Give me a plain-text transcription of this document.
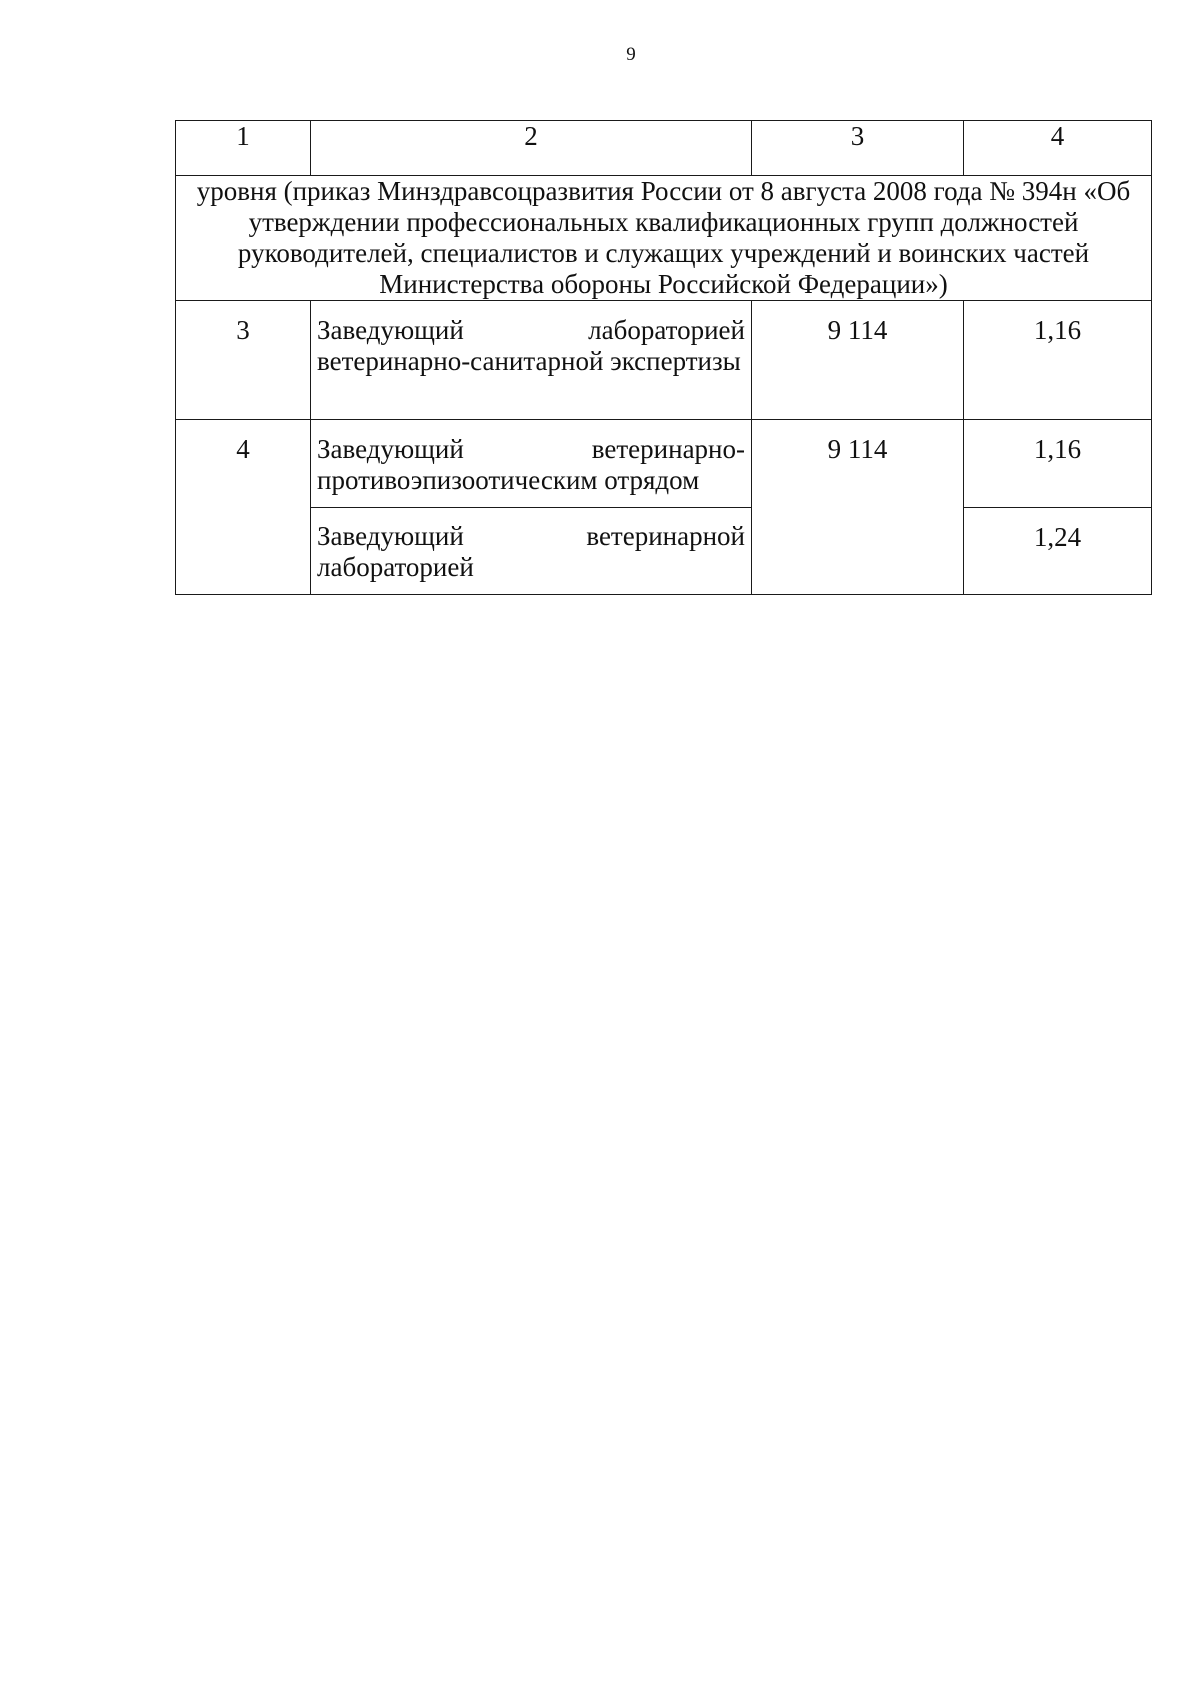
9
1	2	3	4
уровня (приказ Минздравсоцразвития России от 8 августа 2008 года № 394н «Об утверждении профессиональных квалификационных групп должностей руководителей, специалистов и служащих учреждений и воинских частей Министерства обороны Российской Федерации»)			
3	Заведующий лабораторией ветеринарно-санитарной экспертизы	9 114	1,16
4	Заведующий ветеринарно-противоэпизоотическим отрядом	9 114	1,16
	Заведующий ветеринарной лабораторией		1,24
